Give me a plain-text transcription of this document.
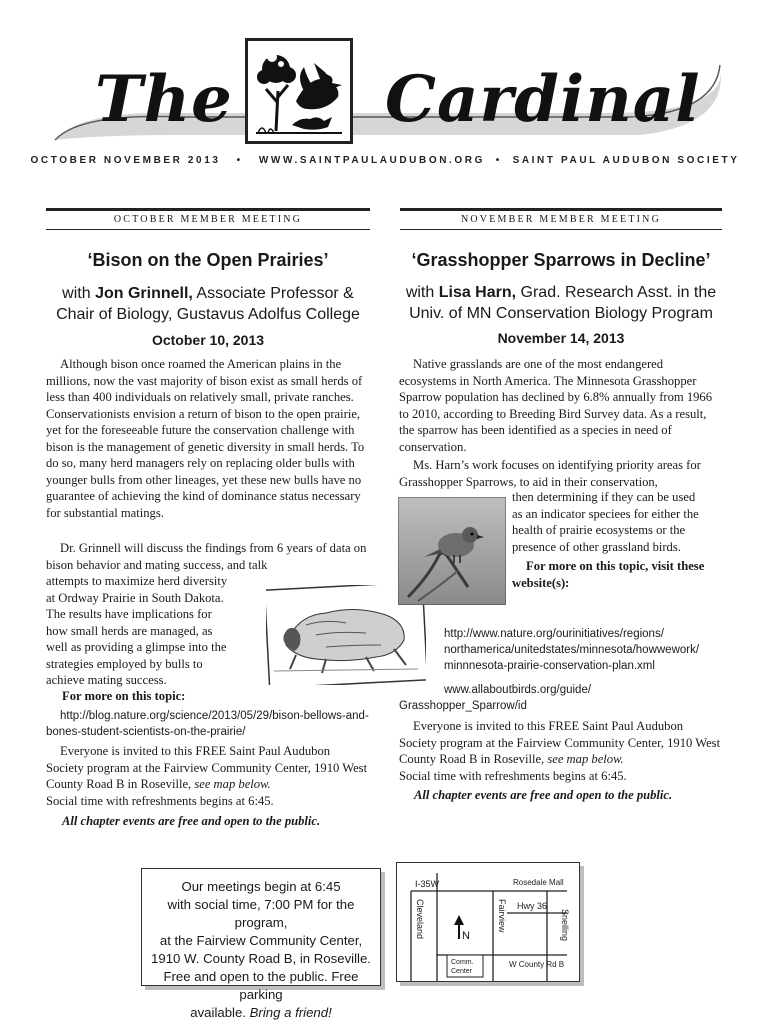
The Cardinal
OCTOBER NOVEMBER 2013   •   WWW.SAINTPAULAUDUBON.ORG  •  SAINT PAUL AUDUBON SOCIETY
OCTOBER MEMBER MEETING
‘Bison on the Open Prairies’
with Jon Grinnell, Associate Professor &
Chair of Biology, Gustavus Adolfus College
October 10, 2013

Although bison once roamed the American plains in the millions, now the vast majority of bison exist as small herds of less than 400 individuals on relatively small, private ranches. Conservationists envision a return of bison to the open prairie, yet for the foreseeable future the conservation challenge with bison is the management of genetic diversity in small herds. To do so, many herd managers rely on replacing older bulls with younger bulls from other lineages, yet these new bulls have no guarantee of achieving the kind of dominance status necessary for substantial matings.

Dr. Grinnell will discuss the findings from 6 years of data on bison behavior and mating success, and talk

attempts to maximize herd diversity
at Ordway Prairie in South Dakota.
The results have implications for
how small herds are managed, as
well as providing a glimpse into the
strategies employed by bulls to
achieve mating success.
For more on this topic:
http://blog.nature.org/science/2013/05/29/bison-bellows-and-bones-student-scientists-on-the-prairie/

Everyone is invited to this FREE Saint Paul Audubon Society program at the Fairview Community Center, 1910 West County Road B in Roseville, see map below.
Social time with refreshments begins at 6:45.

All chapter events are free and open to the public.
NOVEMBER MEMBER MEETING
‘Grasshopper Sparrows in Decline’
with Lisa Harn, Grad. Research Asst. in the
Univ. of MN Conservation Biology Program
November 14, 2013

Native grasslands are one of the most endangered ecosystems in North America. The Minnesota Grasshopper Sparrow population has declined by 6.8% annually from 1966 to 2010, according to Breeding Bird Survey data. As a result, the sparrow has been identified as a species in need of conservation.

Ms. Harn’s work focuses on identifying priority areas for Grasshopper Sparrows, to aid in their conservation,

then determining if they can be used
as an indicator speciees for either the
health of prairie ecosystems or the
presence of other grassland birds.
For more on this topic, visit these
website(s):
http://www.nature.org/ourinitiatives/regions/
northamerica/unitedstates/minnesota/howwework/
minnnesota-prairie-conservation-plan.xml
www.allaboutbirds.org/guide/
Grasshopper_Sparrow/id

Everyone is invited to this FREE Saint Paul Audubon Society program at the Fairview Community Center, 1910 West County Road B in Roseville, see map below.
Social time with refreshments begins at 6:45.

All chapter events are free and open to the public.
Our meetings begin at 6:45
with social time, 7:00 PM for the program,
at the Fairview Community Center,
1910 W. County Road B, in Roseville.
Free and open to the public. Free parking
available. Bring a friend!
I-35W	Rosedale Mall
Hwy 36
Cleveland	Fairview	Snelling
W County Rd B
N
Comm.
Center
